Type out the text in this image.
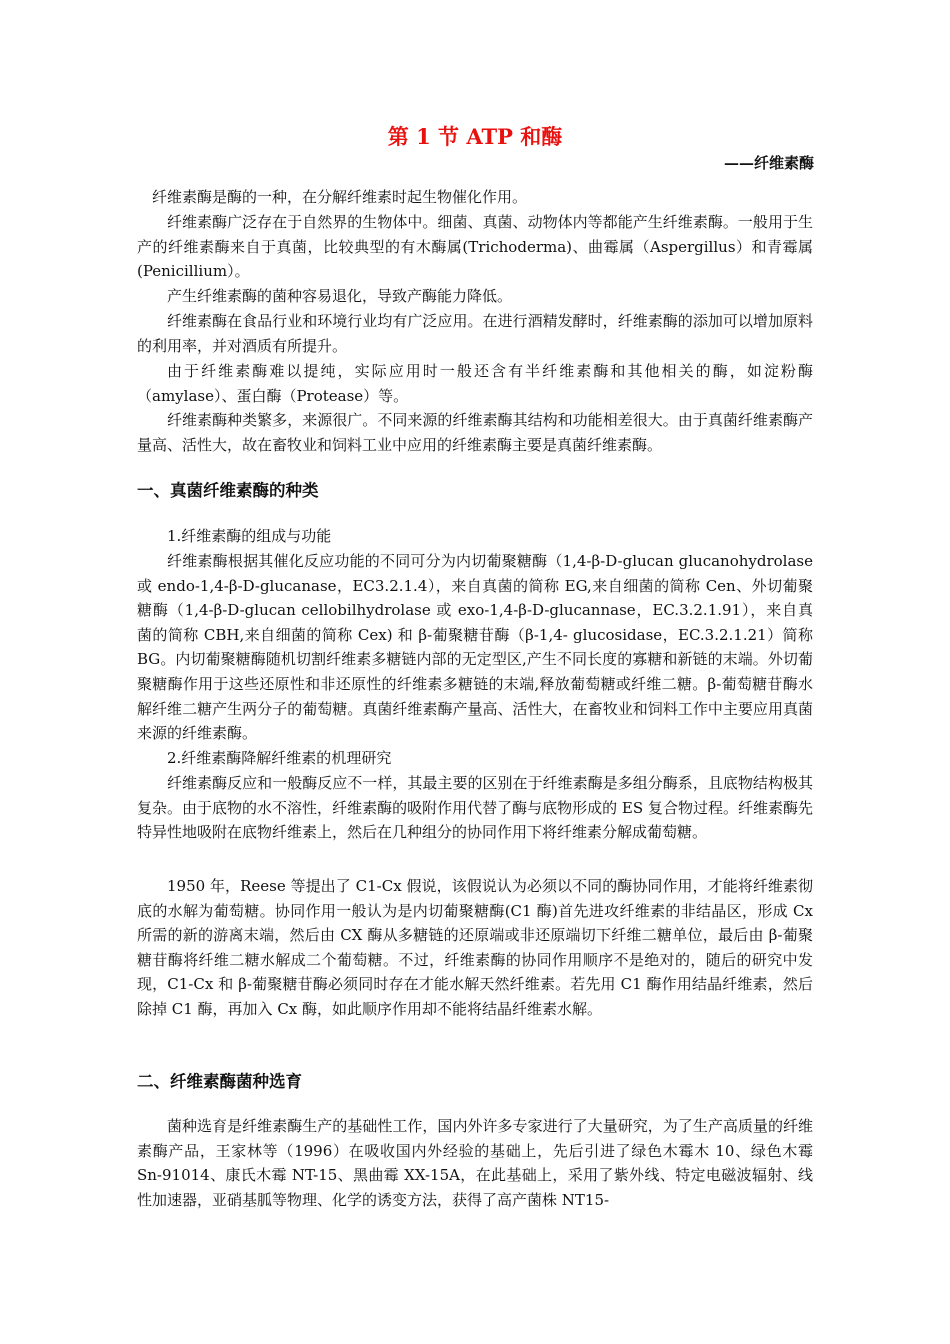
第 1 节 ATP 和酶
——纤维素酶

纤维素酶是酶的一种，在分解纤维素时起生物催化作用。

纤维素酶广泛存在于自然界的生物体中。细菌、真菌、动物体内等都能产生纤维素酶。一般用于生产的纤维素酶来自于真菌，比较典型的有木酶属(Trichoderma)、曲霉属（Aspergillus）和青霉属(Penicillium）。

产生纤维素酶的菌种容易退化，导致产酶能力降低。

纤维素酶在食品行业和环境行业均有广泛应用。在进行酒精发酵时，纤维素酶的添加可以增加原料的利用率，并对酒质有所提升。

由于纤维素酶难以提纯，实际应用时一般还含有半纤维素酶和其他相关的酶，如淀粉酶（amylase）、蛋白酶（Protease）等。

纤维素酶种类繁多，来源很广。不同来源的纤维素酶其结构和功能相差很大。由于真菌纤维素酶产量高、活性大，故在畜牧业和饲料工业中应用的纤维素酶主要是真菌纤维素酶。

一、真菌纤维素酶的种类

1.纤维素酶的组成与功能

纤维素酶根据其催化反应功能的不同可分为内切葡聚糖酶（1,4-β-D-glucan glucanohydrolase 或 endo-1,4-β-D-glucanase，EC3.2.1.4），来自真菌的简称 EG,来自细菌的简称 Cen、外切葡聚糖酶（1,4-β-D-glucan cellobilhydrolase 或 exo-1,4-β-D-glucannase，EC.3.2.1.91），来自真菌的简称 CBH,来自细菌的简称 Cex) 和 β-葡聚糖苷酶（β-1,4- glucosidase，EC.3.2.1.21）简称 BG。内切葡聚糖酶随机切割纤维素多糖链内部的无定型区,产生不同长度的寡糖和新链的末端。外切葡聚糖酶作用于这些还原性和非还原性的纤维素多糖链的末端,释放葡萄糖或纤维二糖。β-葡萄糖苷酶水解纤维二糖产生两分子的葡萄糖。真菌纤维素酶产量高、活性大，在畜牧业和饲料工作中主要应用真菌来源的纤维素酶。

2.纤维素酶降解纤维素的机理研究

纤维素酶反应和一般酶反应不一样，其最主要的区别在于纤维素酶是多组分酶系，且底物结构极其复杂。由于底物的水不溶性，纤维素酶的吸附作用代替了酶与底物形成的 ES 复合物过程。纤维素酶先特异性地吸附在底物纤维素上，然后在几种组分的协同作用下将纤维素分解成葡萄糖。

1950 年，Reese 等提出了 C1-Cx 假说，该假说认为必须以不同的酶协同作用，才能将纤维素彻底的水解为葡萄糖。协同作用一般认为是内切葡聚糖酶(C1 酶)首先进攻纤维素的非结晶区，形成 Cx 所需的新的游离末端，然后由 CX 酶从多糖链的还原端或非还原端切下纤维二糖单位，最后由 β-葡聚糖苷酶将纤维二糖水解成二个葡萄糖。不过，纤维素酶的协同作用顺序不是绝对的，随后的研究中发现，C1-Cx 和 β-葡聚糖苷酶必须同时存在才能水解天然纤维素。若先用 C1 酶作用结晶纤维素，然后除掉 C1 酶，再加入 Cx 酶，如此顺序作用却不能将结晶纤维素水解。

二、纤维素酶菌种选育

菌种选育是纤维素酶生产的基础性工作，国内外许多专家进行了大量研究，为了生产高质量的纤维素酶产品，王家林等（1996）在吸收国内外经验的基础上，先后引进了绿色木霉木 10、绿色木霉 Sn-91014、康氏木霉 NT-15、黑曲霉 XX-15A，在此基础上，采用了紫外线、特定电磁波辐射、线性加速器，亚硝基胍等物理、化学的诱变方法，获得了高产菌株 NT15-
